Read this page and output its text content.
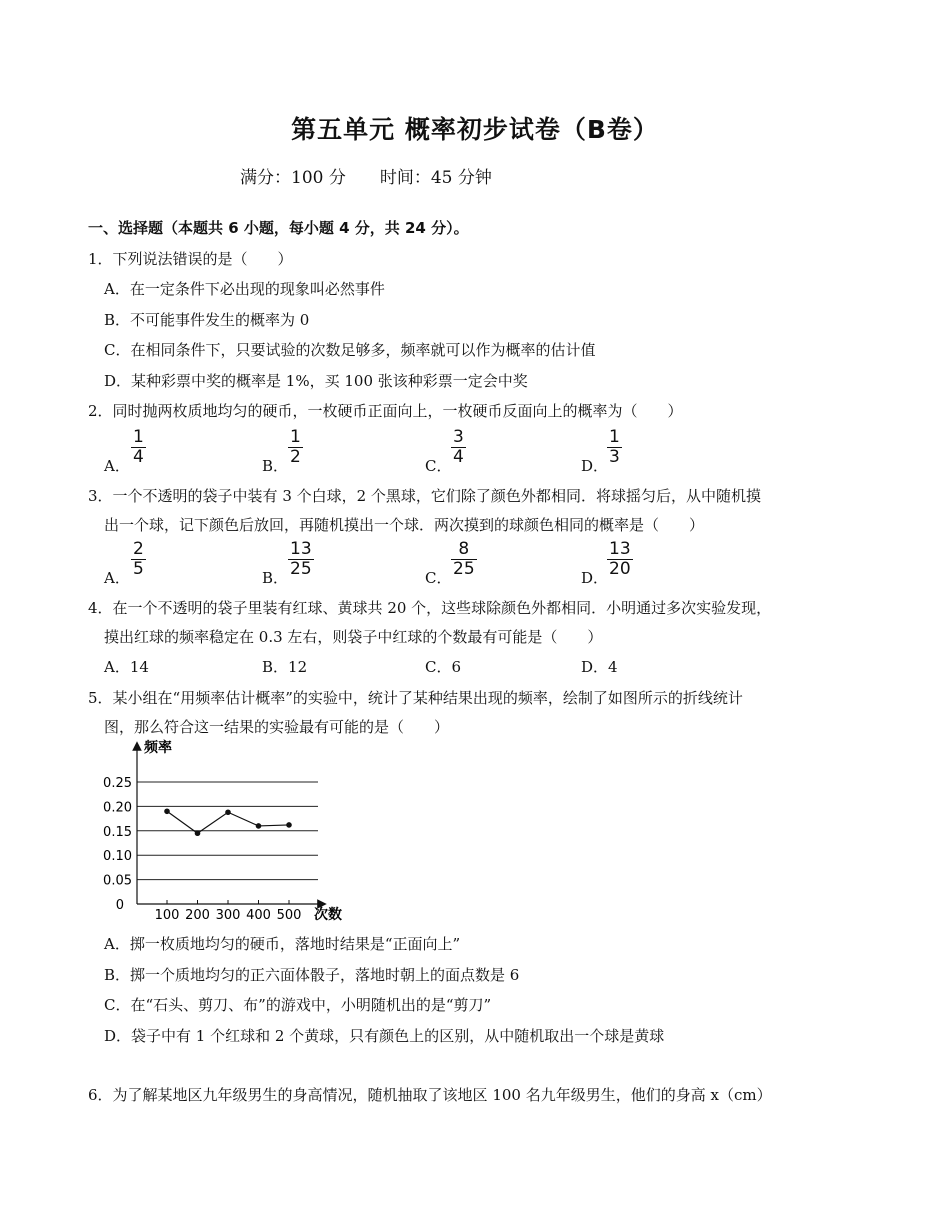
第五单元 概率初步试卷（B卷）
满分：100 分　　时间：45 分钟
一、选择题（本题共 6 小题，每小题 4 分，共 24 分）。
1．下列说法错误的是（　　）
A．在一定条件下必出现的现象叫必然事件
B．不可能事件发生的概率为 0
C．在相同条件下，只要试验的次数足够多，频率就可以作为概率的估计值
D．某种彩票中奖的概率是 1%，买 100 张该种彩票一定会中奖
2．同时抛两枚质地均匀的硬币，一枚硬币正面向上，一枚硬币反面向上的概率为（　　）
A． $\frac{1}{4}$	B． $\frac{1}{2}$	C． $\frac{3}{4}$	D．
$\frac{1}{3}$
3．一个不透明的袋子中装有 3 个白球，2 个黑球，它们除了颜色外都相同．将球摇匀后，从中随机摸
出一个球，记下颜色后放回，再随机摸出一个球．两次摸到的球颜色相同的概率是（　　）
A． $\frac{2}{5}$	B． $\frac{13}{25}$	C． $\frac{8}{25}$	D．
$\frac{13}{20}$
4．在一个不透明的袋子里装有红球、黄球共 20 个，这些球除颜色外都相同．小明通过多次实验发现，
摸出红球的频率稳定在 0.3 左右，则袋子中红球的个数最有可能是（　　）
A．14	B．12	C．6	D．4
5．某小组在“用频率估计概率”的实验中，统计了某种结果出现的频率，绘制了如图所示的折线统计
图，那么符合这一结果的实验最有可能的是（　　）
0
0.05
0.10
0.15
0.20
0.25
100 200 300 400 500
频率
次数
A．掷一枚质地均匀的硬币，落地时结果是“正面向上”
B．掷一个质地均匀的正六面体骰子，落地时朝上的面点数是 6
C．在“石头、剪刀、布”的游戏中，小明随机出的是“剪刀”
D．袋子中有 1 个红球和 2 个黄球，只有颜色上的区别，从中随机取出一个球是黄球
6．为了解某地区九年级男生的身高情况，随机抽取了该地区 100 名九年级男生，他们的身高 x（cm）
